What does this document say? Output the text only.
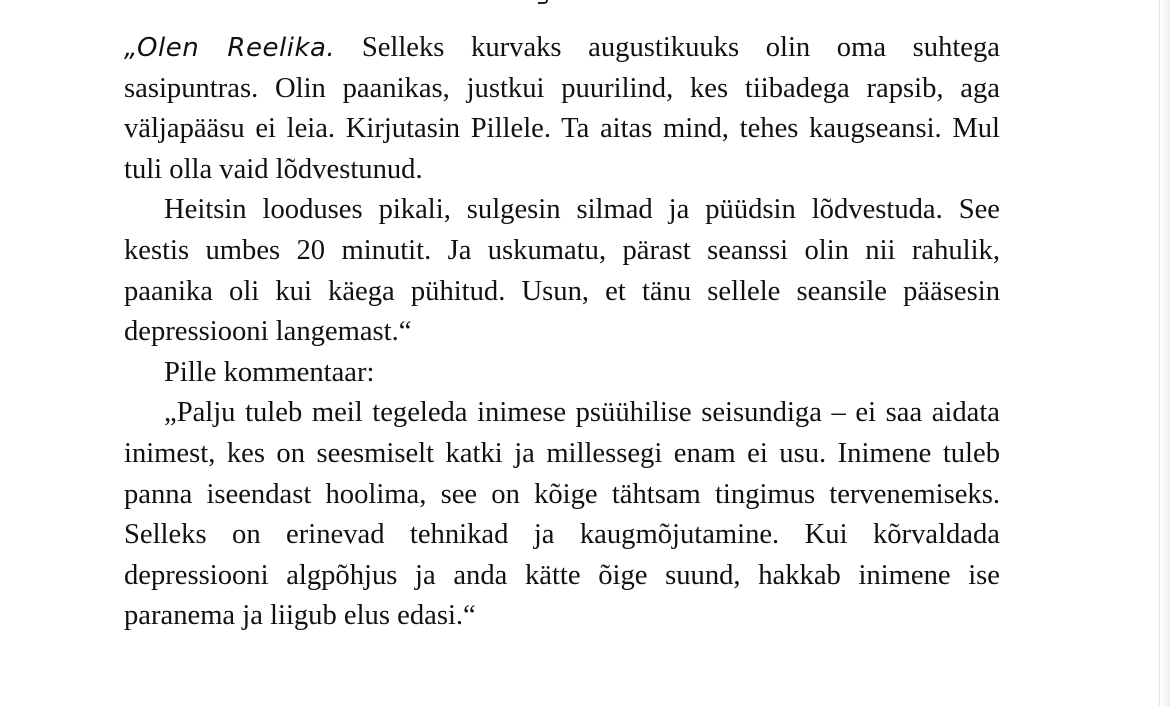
„Olen Reelika. Selleks kurvaks augustikuuks olin oma suhtega sasipuntras. Olin paanikas, justkui puurilind, kes tiibadega rapsib, aga väljapääsu ei leia. Kirjutasin Pillele. Ta aitas mind, tehes kaugseansi. Mul tuli olla vaid lõdvestunud.

Heitsin looduses pikali, sulgesin silmad ja püüdsin lõdvestuda. See kestis umbes 20 minutit. Ja uskumatu, pärast seanssi olin nii rahulik, paanika oli kui käega pühitud. Usun, et tänu sellele seansile pääsesin depressiooni langemast.“

Pille kommentaar:

„Palju tuleb meil tegeleda inimese psüühilise seisundiga – ei saa aidata inimest, kes on seesmiselt katki ja millessegi enam ei usu. Inimene tuleb panna iseendast hoolima, see on kõige tähtsam tingimus tervenemiseks. Selleks on erinevad tehnikad ja kaugmõjutamine. Kui kõrvaldada depressiooni algpõhjus ja anda kätte õige suund, hakkab inimene ise paranema ja liigub elus edasi.“
